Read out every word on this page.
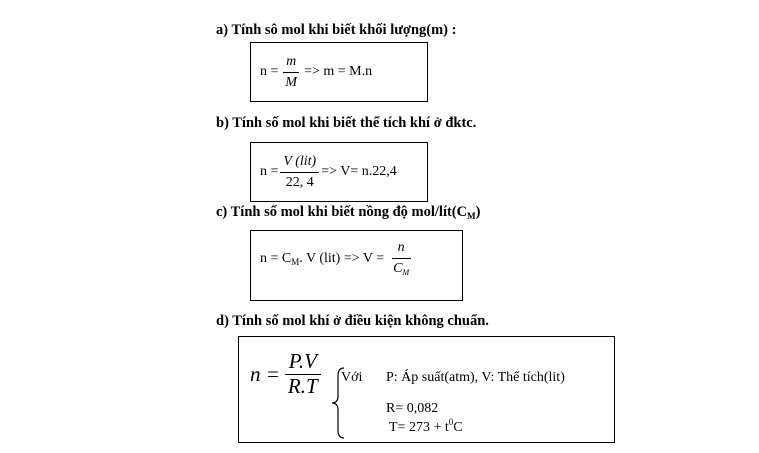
a) Tính sô mol khi biết khối lượng(m) :
$n = \frac{m}{M} => m = M.n$
b) Tính số mol khi biết thể tích khí ở đktc.
$n = \frac{\text{V (lit)}}{22, 4} => V= n.22,4$
c) Tính số mol khi biết nồng độ mol/$lít(C_M)$
$n = C_M$. V $(lit) => V = \frac{n}{C_M}$
d) Tính số mol khí ở điều kiện không chuẩn.
$n = \frac{P.V}{R.T}$ Với P: Áp suất(atm), V: Thể tích(lit)
R= 0,082
$T= 273 + t^0C$
